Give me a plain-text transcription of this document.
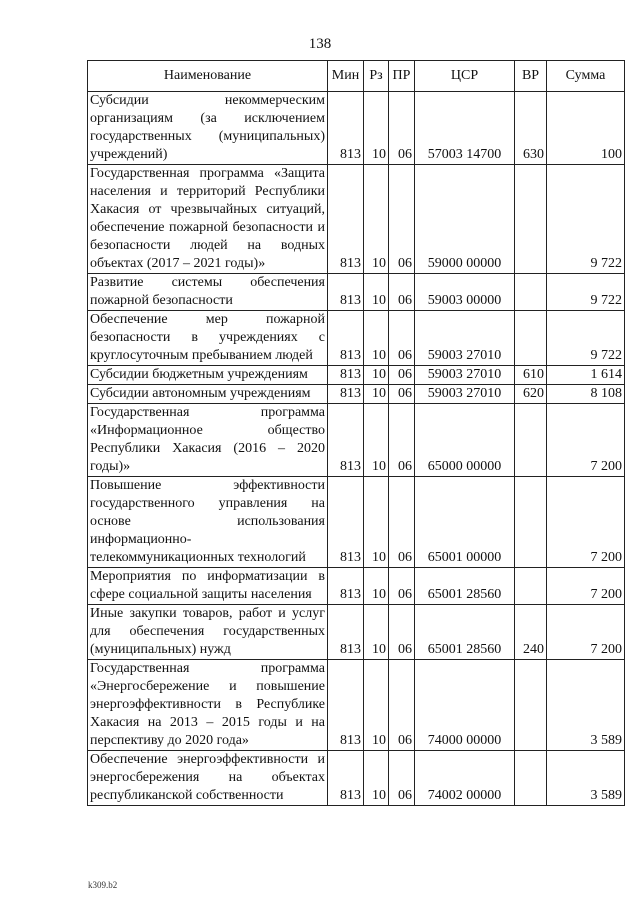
138
Наименование	Мин	Рз	ПР	ЦСР	ВР	Сумма
Субсидии некоммерческим организациям (за исключением государственных (муниципальных) учреждений)	813	10	06	57003 14700	630	100
Государственная программа «Защита населения и территорий Республики Хакасия от чрезвычайных ситуаций, обеспечение пожарной безопасности и безопасности людей на водных объектах (2017 – 2021 годы)»	813	10	06	59000 00000		9 722
Развитие системы обеспечения пожарной безопасности	813	10	06	59003 00000		9 722
Обеспечение мер пожарной безопасности в учреждениях с круглосуточным пребыванием людей	813	10	06	59003 27010		9 722
Субсидии бюджетным учреждениям	813	10	06	59003 27010	610	1 614
Субсидии автономным учреждениям	813	10	06	59003 27010	620	8 108
Государственная программа «Информационное общество Республики Хакасия (2016 – 2020 годы)»	813	10	06	65000 00000		7 200
Повышение эффективности государственного управления на основе использования информационно-телекоммуникационных технологий	813	10	06	65001 00000		7 200
Мероприятия по информатизации в сфере социальной защиты населения	813	10	06	65001 28560		7 200
Иные закупки товаров, работ и услуг для обеспечения государственных (муниципальных) нужд	813	10	06	65001 28560	240	7 200
Государственная программа «Энергосбережение и повышение энергоэффективности в Республике Хакасия на 2013 – 2015 годы и на перспективу до 2020 года»	813	10	06	74000 00000		3 589
Обеспечение энергоэффективности и энергосбережения на объектах республиканской собственности	813	10	06	74002 00000		3 589
k309.b2
